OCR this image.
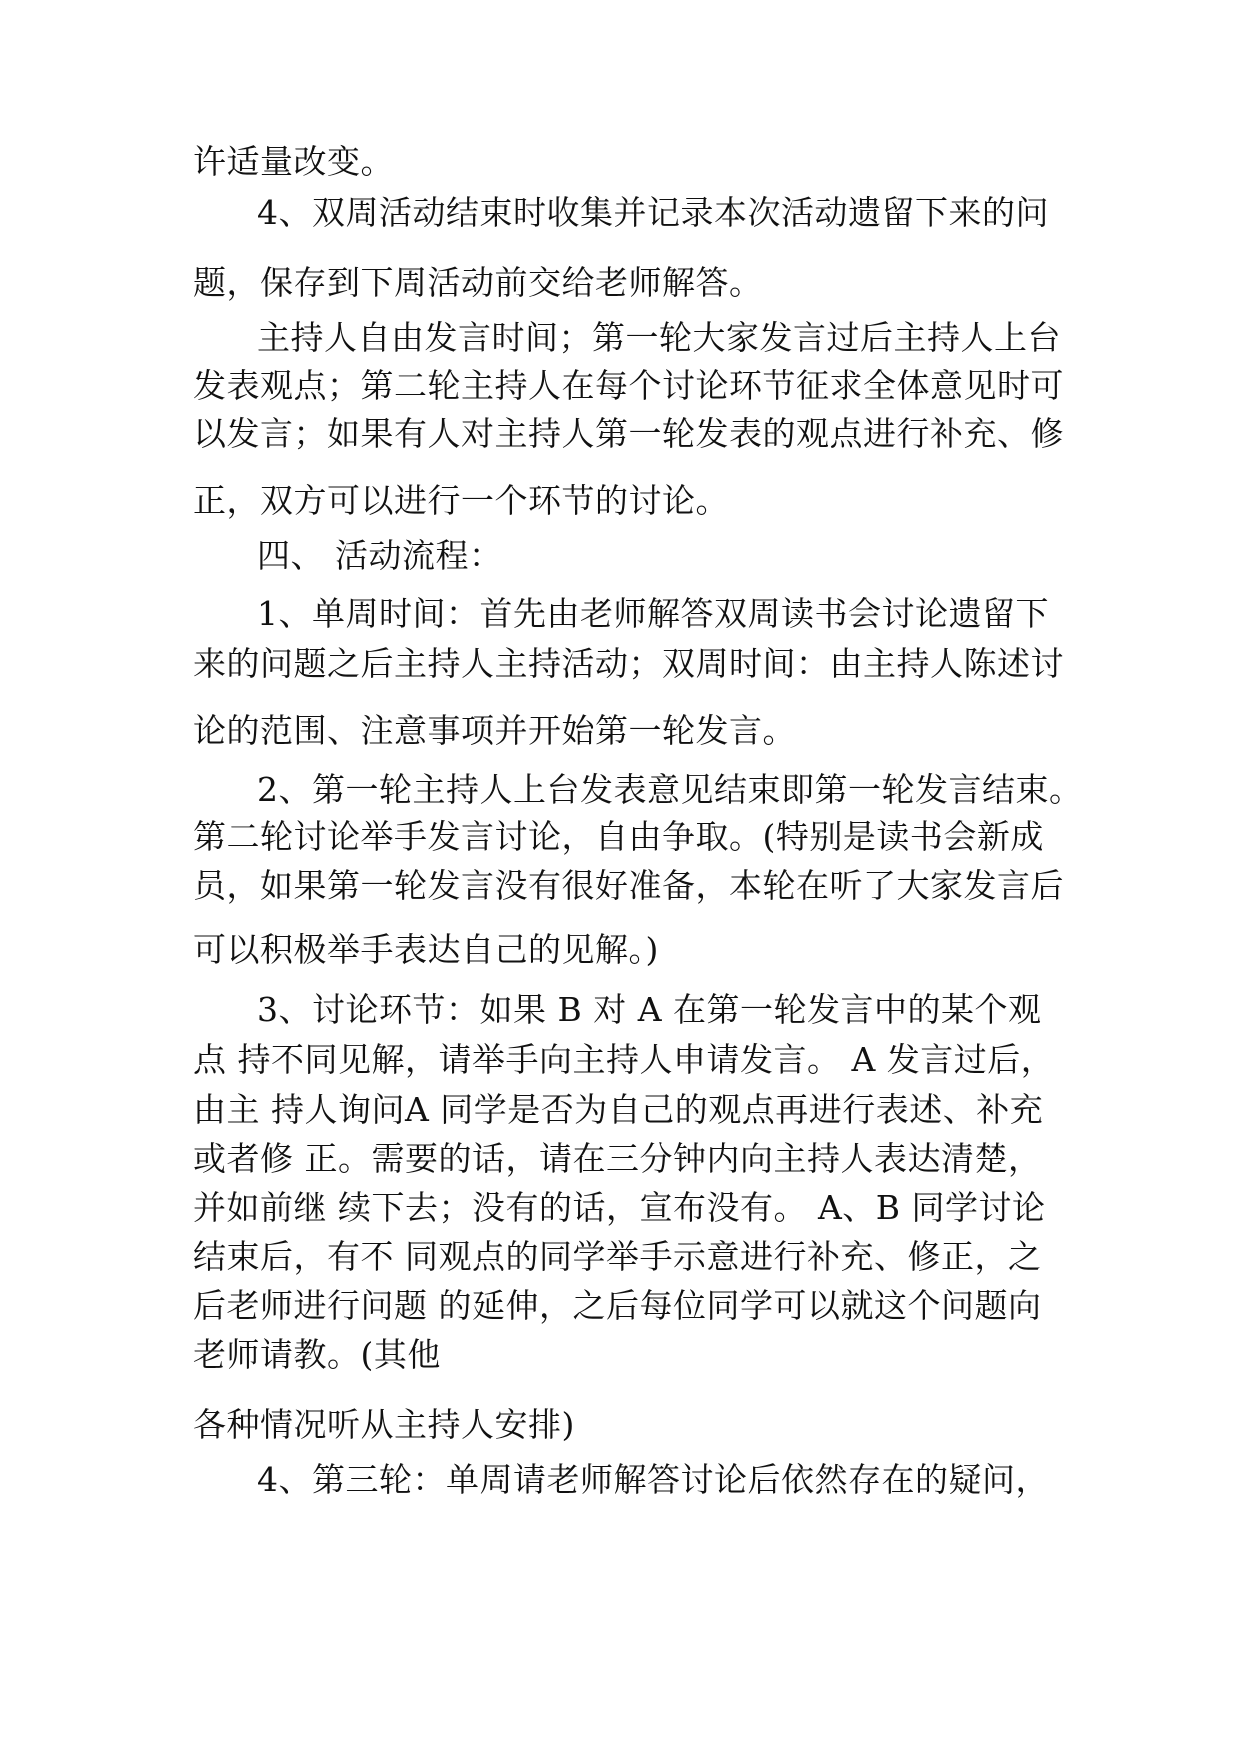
许适量改变。
4、双周活动结束时收集并记录本次活动遗留下来的问
题，保存到下周活动前交给老师解答。
主持人自由发言时间；第一轮大家发言过后主持人上台
发表观点；第二轮主持人在每个讨论环节征求全体意见时可
以发言；如果有人对主持人第一轮发表的观点进行补充、修
正，双方可以进行一个环节的讨论。
四、 活动流程：
1、单周时间：首先由老师解答双周读书会讨论遗留下
来的问题之后主持人主持活动；双周时间：由主持人陈述讨
论的范围、注意事项并开始第一轮发言。
2、第一轮主持人上台发表意见结束即第一轮发言结束。
第二轮讨论举手发言讨论，自由争取。(特别是读书会新成
员，如果第一轮发言没有很好准备，本轮在听了大家发言后
可以积极举手表达自己的见解。)
3、讨论环节：如果 B 对 A 在第一轮发言中的某个观
点 持不同见解，请举手向主持人申请发言。 A 发言过后，
由主 持人询问A 同学是否为自己的观点再进行表述、补充
或者修 正。需要的话，请在三分钟内向主持人表达清楚，
并如前继 续下去；没有的话，宣布没有。 A、B 同学讨论
结束后，有不 同观点的同学举手示意进行补充、修正，之
后老师进行问题 的延伸，之后每位同学可以就这个问题向
老师请教。(其他
各种情况听从主持人安排)
4、第三轮：单周请老师解答讨论后依然存在的疑问，
